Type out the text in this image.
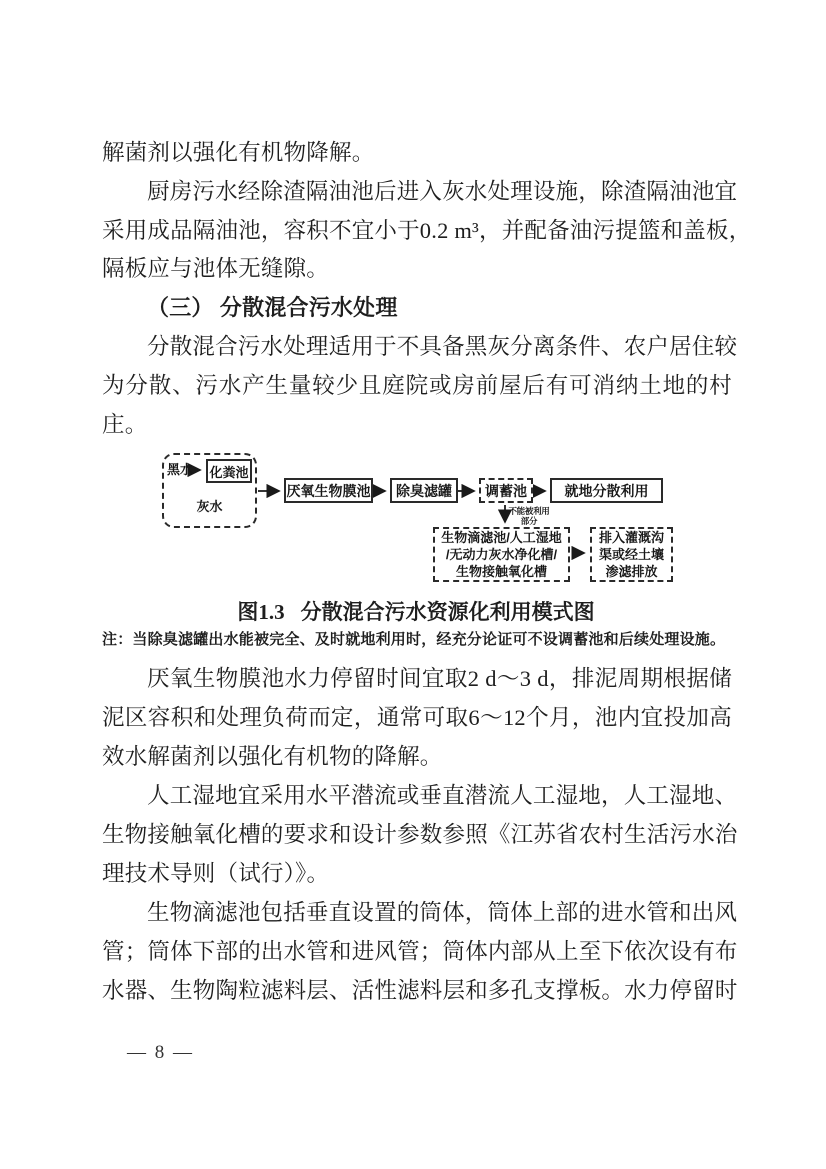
解菌剂以强化有机物降解。
厨房污水经除渣隔油池后进入灰水处理设施，除渣隔油池宜
采用成品隔油池，容积不宜小于0.2 m³，并配备油污提篮和盖板，
隔板应与池体无缝隙。
（三） 分散混合污水处理
分散混合污水处理适用于不具备黑灰分离条件、农户居住较
为分散、污水产生量较少且庭院或房前屋后有可消纳土地的村
庄。
黑水 化粪池
灰水
厌氧生物膜池	除臭滤罐	调蓄池	就地分散利用
不能被利用
部分
生物滴滤池/人工湿地
/无动力灰水净化槽/
生物接触氧化槽
排入灌溉沟
渠或经土壤
渗滤排放
图1.3 分散混合污水资源化利用模式图
注：当除臭滤罐出水能被完全、及时就地利用时，经充分论证可不设调蓄池和后续处理设施。
厌氧生物膜池水力停留时间宜取2 d～3 d，排泥周期根据储
泥区容积和处理负荷而定，通常可取6～12个月，池内宜投加高
效水解菌剂以强化有机物的降解。
人工湿地宜采用水平潜流或垂直潜流人工湿地，人工湿地、
生物接触氧化槽的要求和设计参数参照《江苏省农村生活污水治
理技术导则（试行）》。
生物滴滤池包括垂直设置的筒体，筒体上部的进水管和出风
管；筒体下部的出水管和进风管；筒体内部从上至下依次设有布
水器、生物陶粒滤料层、活性滤料层和多孔支撑板。水力停留时
— 8 —
